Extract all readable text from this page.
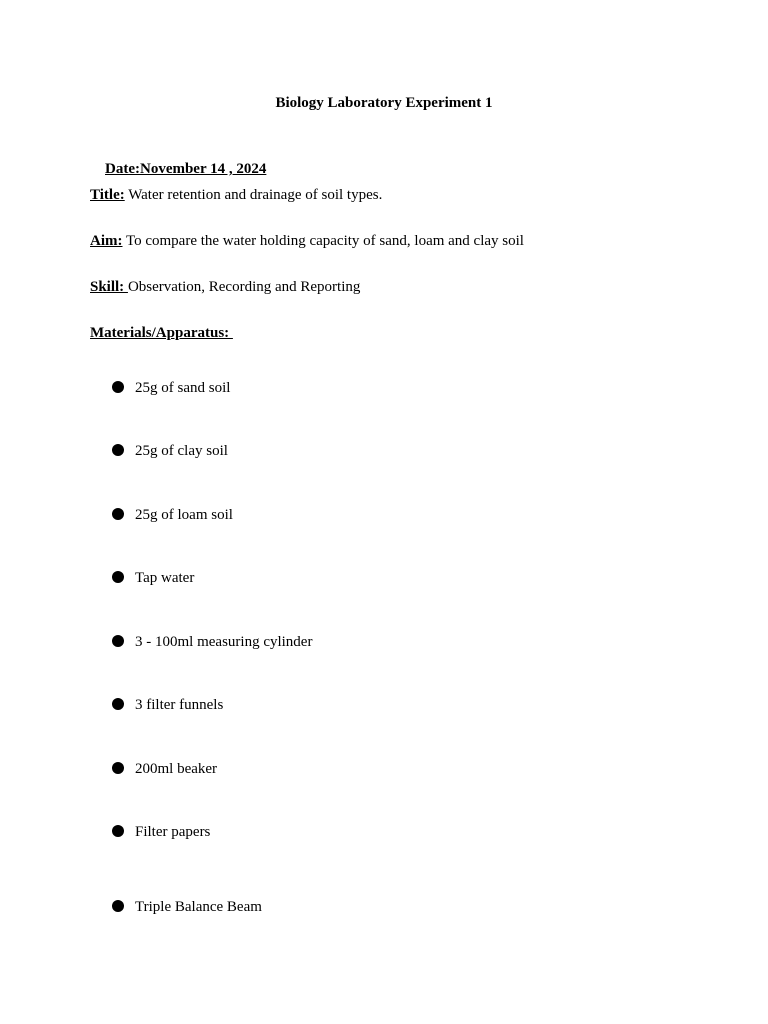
Biology Laboratory Experiment 1

Date:November 14 , 2024

Title: Water retention and drainage of soil types.
Aim: To compare the water holding capacity of sand, loam and clay soil
Skill: Observation, Recording and Reporting
Materials/Apparatus:
25g of sand soil
25g of clay soil
25g of loam soil
Tap water
3 - 100ml measuring cylinder
3 filter funnels
200ml beaker
Filter papers
Triple Balance Beam
